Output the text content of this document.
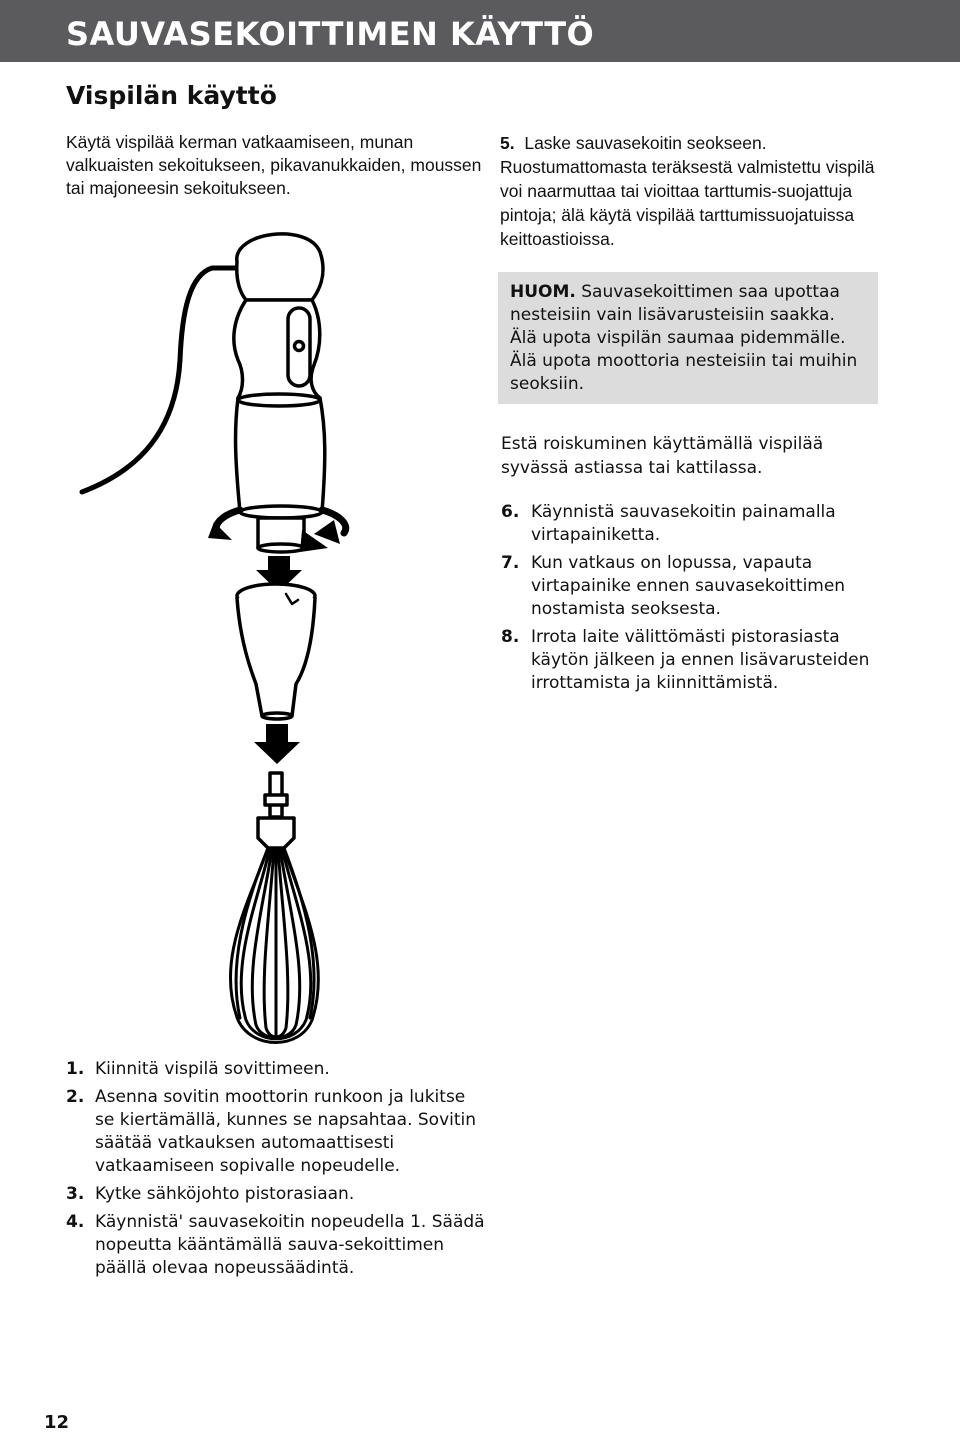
SAUVASEKOITTIMEN KÄYTTÖ
Vispilän käyttö

Käytä vispilää kerman vatkaamiseen, munan valkuaisten sekoitukseen, pikavanukkaiden, moussen tai majoneesin sekoitukseen.

5. Laske sauvasekoitin seokseen.
Ruostumattomasta teräksestä valmistettu vispilä voi naarmuttaa tai vioittaa tarttumis-suojattuja pintoja; älä käytä vispilää tarttumissuojatuissa keittoastioissa.
HUOM. Sauvasekoittimen saa upottaa nesteisiin vain lisävarusteisiin saakka. Älä upota vispilän saumaa pidemmälle. Älä upota moottoria nesteisiin tai muihin seoksiin.
Estä roiskuminen käyttämällä vispilää syvässä astiassa tai kattilassa.
6. Käynnistä sauvasekoitin painamalla virtapainiketta.
7. Kun vatkaus on lopussa, vapauta virtapainike ennen sauvasekoittimen nostamista seoksesta.
8. Irrota laite välittömästi pistorasiasta käytön jälkeen ja ennen lisävarusteiden irrottamista ja kiinnittämistä.
1. Kiinnitä vispilä sovittimeen.
2. Asenna sovitin moottorin runkoon ja lukitse se kiertämällä, kunnes se napsahtaa. Sovitin säätää vatkauksen automaattisesti vatkaamiseen sopivalle nopeudelle.
3. Kytke sähköjohto pistorasiaan.
4. Käynnistä' sauvasekoitin nopeudella 1. Säädä nopeutta kääntämällä sauva-sekoittimen päällä olevaa nopeussäädintä.
12
